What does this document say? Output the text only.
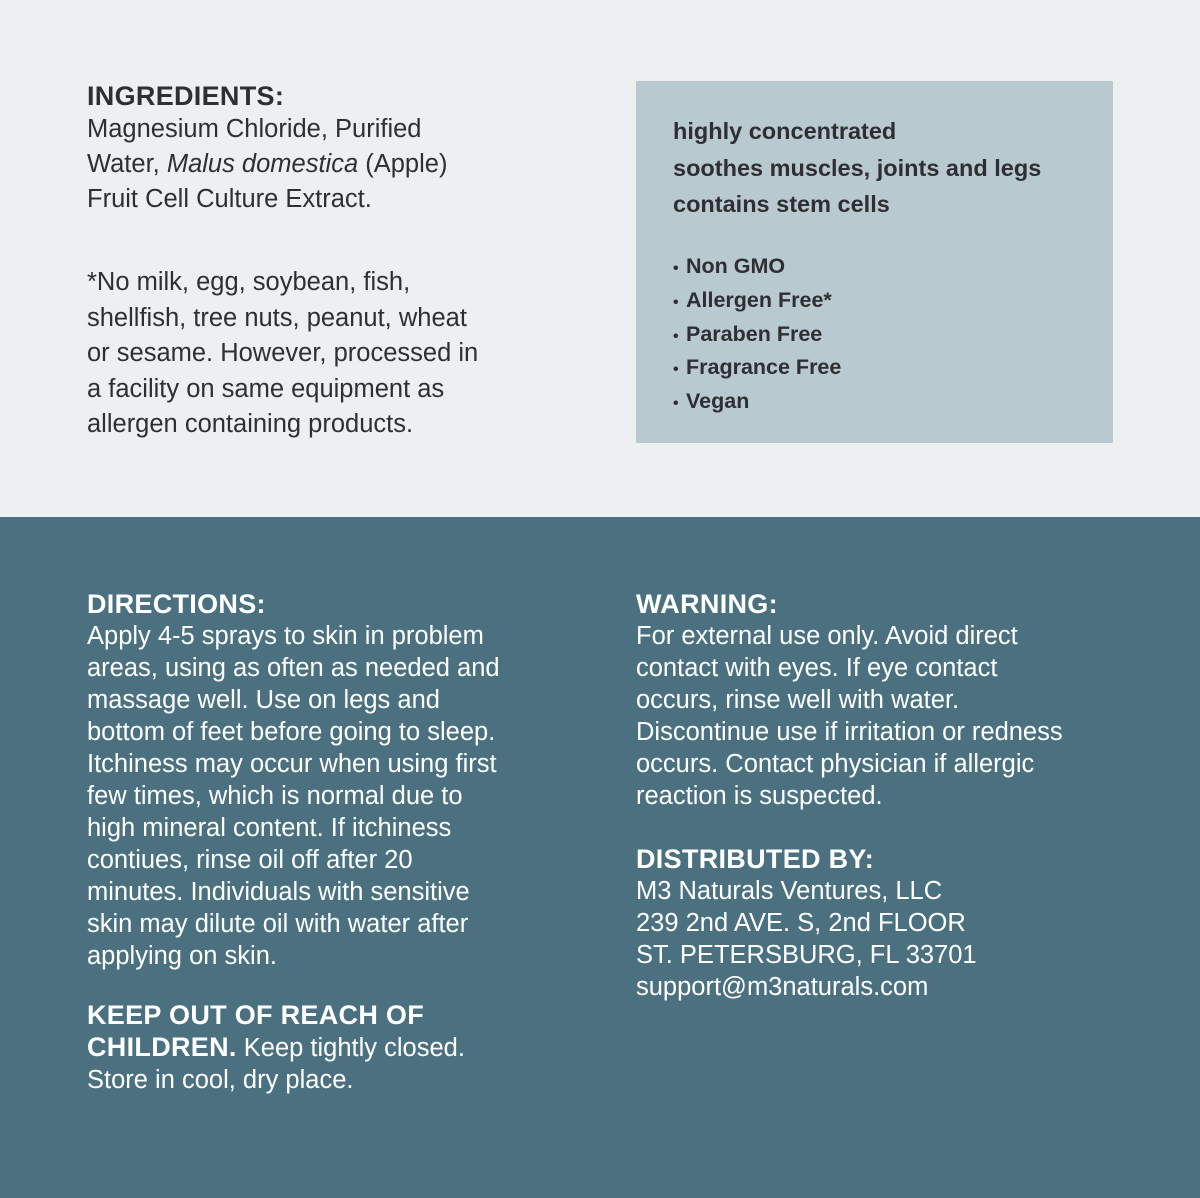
INGREDIENTS:
Magnesium Chloride, Purified
Water, Malus domestica (Apple)
Fruit Cell Culture Extract.
*No milk, egg, soybean, fish,
shellfish, tree nuts, peanut, wheat
or sesame. However, processed in
a facility on same equipment as
allergen containing products.
highly concentrated
soothes muscles, joints and legs
contains stem cells
• Non GMO
• Allergen Free*
• Paraben Free
• Fragrance Free
• Vegan
DIRECTIONS:
Apply 4-5 sprays to skin in problem
areas, using as often as needed and
massage well. Use on legs and
bottom of feet before going to sleep.
Itchiness may occur when using first
few times, which is normal due to
high mineral content. If itchiness
contiues, rinse oil off after 20
minutes. Individuals with sensitive
skin may dilute oil with water after
applying on skin.
KEEP OUT OF REACH OF
CHILDREN. Keep tightly closed.
Store in cool, dry place.
WARNING:
For external use only. Avoid direct
contact with eyes. If eye contact
occurs, rinse well with water.
Discontinue use if irritation or redness
occurs. Contact physician if allergic
reaction is suspected.
DISTRIBUTED BY:
M3 Naturals Ventures, LLC
239 2nd AVE. S, 2nd FLOOR
ST. PETERSBURG, FL 33701
support@m3naturals.com
